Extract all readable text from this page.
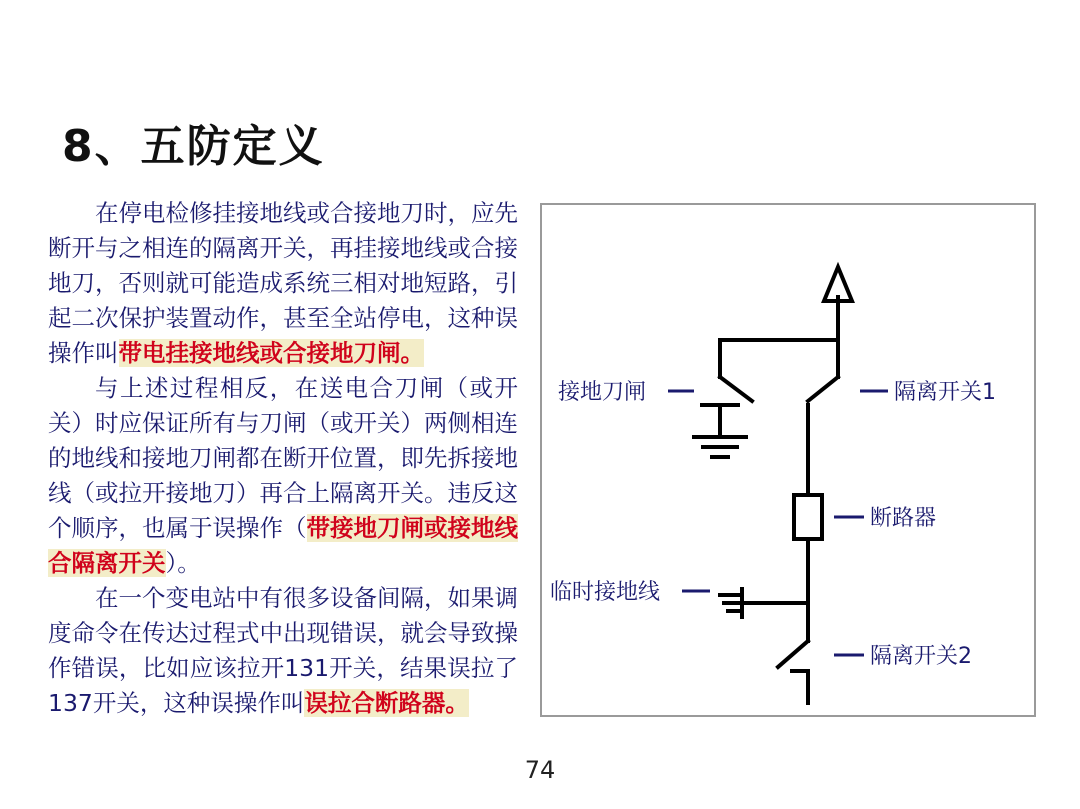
8、五防定义

在停电检修挂接地线或合接地刀时，应先断开与之相连的隔离开关，再挂接地线或合接地刀，否则就可能造成系统三相对地短路，引起二次保护装置动作，甚至全站停电，这种误操作叫带电挂接地线或合接地刀闸。

与上述过程相反，在送电合刀闸（或开关）时应保证所有与刀闸（或开关）两侧相连的地线和接地刀闸都在断开位置，即先拆接地线（或拉开接地刀）再合上隔离开关。违反这个顺序，也属于误操作（带接地刀闸或接地线合隔离开关）。

在一个变电站中有很多设备间隔，如果调度命令在传达过程式中出现错误，就会导致操作错误，比如应该拉开131开关，结果误拉了137开关，这种误操作叫误拉合断路器。

接地刀闸	隔离开关1
断路器
临时接地线
隔离开关2
74
